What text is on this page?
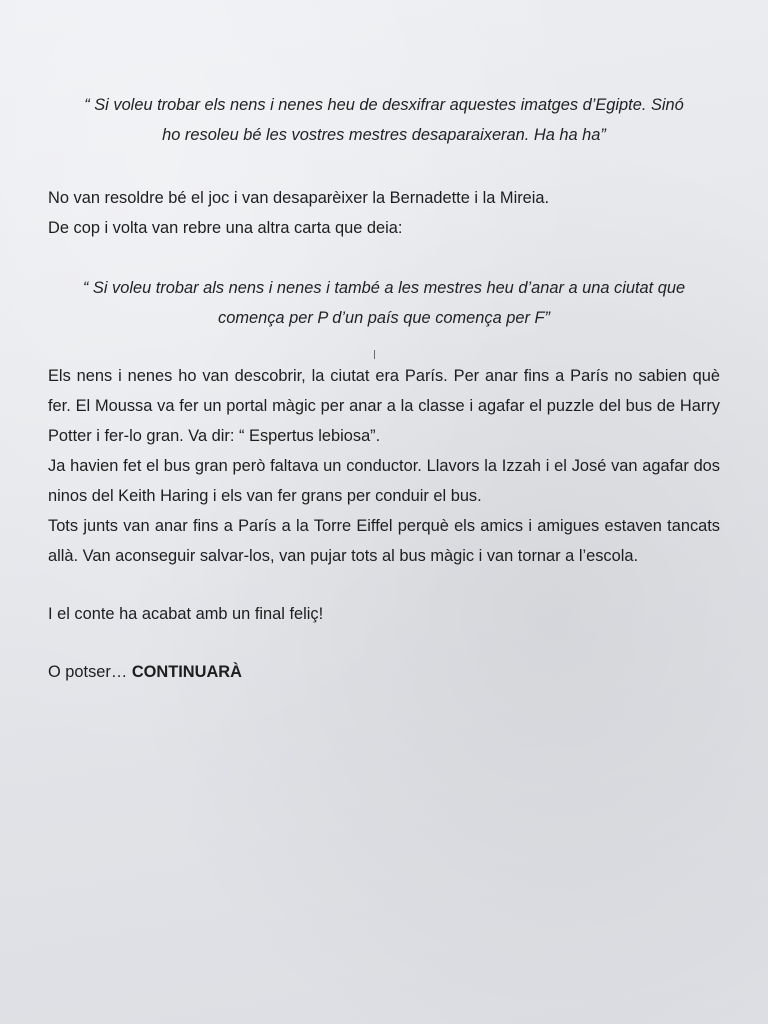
“ Si voleu trobar els nens i nenes heu de desxifrar aquestes imatges d’Egipte. Sinó
ho resoleu bé les vostres mestres desaparaixeran. Ha ha ha”

No van resoldre bé el joc i van desaparèixer la Bernadette i la Mireia.
De cop i volta van rebre una altra carta que deia:

“ Si voleu trobar als nens i nenes i també a les mestres heu d’anar a una ciutat que
comença per P d’un país que comença per F”

Els nens i nenes ho van descobrir, la ciutat era París. Per anar fins a París no sabien què fer. El Moussa va fer un portal màgic per anar a la classe i agafar el puzzle del bus de Harry Potter i fer-lo gran. Va dir: “ Espertus lebiosa”.

Ja havien fet el bus gran però faltava un conductor. Llavors la Izzah i el José van agafar dos ninos del Keith Haring i els van fer grans per conduir el bus.

Tots junts van anar fins a París a la Torre Eiffel perquè els amics i amigues estaven tancats allà. Van aconseguir salvar-los, van pujar tots al bus màgic i van tornar a l’escola.

I el conte ha acabat amb un final feliç!

O potser… CONTINUARÀ
